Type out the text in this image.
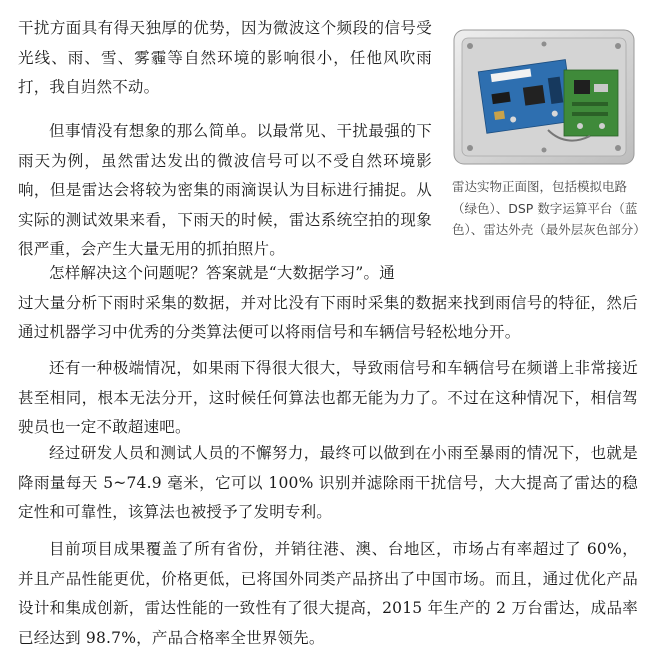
干扰方面具有得天独厚的优势，因为微波这个频段的信号受光线、雨、雪、雾霾等自然环境的影响很小，任他风吹雨打，我自岿然不动。

但事情没有想象的那么简单。以最常见、干扰最强的下雨天为例，虽然雷达发出的微波信号可以不受自然环境影响，但是雷达会将较为密集的雨滴误认为目标进行捕捉。从实际的测试效果来看，下雨天的时候，雷达系统空拍的现象很严重，会产生大量无用的抓拍照片。

怎样解决这个问题呢？答案就是“大数据学习”。通
过大量分析下雨时采集的数据，并对比没有下雨时采集的数据来找到雨信号的特征，然后通过机器学习中优秀的分类算法便可以将雨信号和车辆信号轻松地分开。

还有一种极端情况，如果雨下得很大很大，导致雨信号和车辆信号在频谱上非常接近甚至相同，根本无法分开，这时候任何算法也都无能为力了。不过在这种情况下，相信驾驶员也一定不敢超速吧。

经过研发人员和测试人员的不懈努力，最终可以做到在小雨至暴雨的情况下，也就是降雨量每天 5~74.9 毫米，它可以 100% 识别并滤除雨干扰信号，大大提高了雷达的稳定性和可靠性，该算法也被授予了发明专利。

目前项目成果覆盖了所有省份，并销往港、澳、台地区，市场占有率超过了 60%，并且产品性能更优，价格更低，已将国外同类产品挤出了中国市场。而且，通过优化产品设计和集成创新，雷达性能的一致性有了很大提高，2015 年生产的 2 万台雷达，成品率已经达到 98.7%，产品合格率全世界领先。

雷达实物正面图，包括模拟电路（绿色）、DSP 数字运算平台（蓝色）、雷达外壳（最外层灰色部分）
